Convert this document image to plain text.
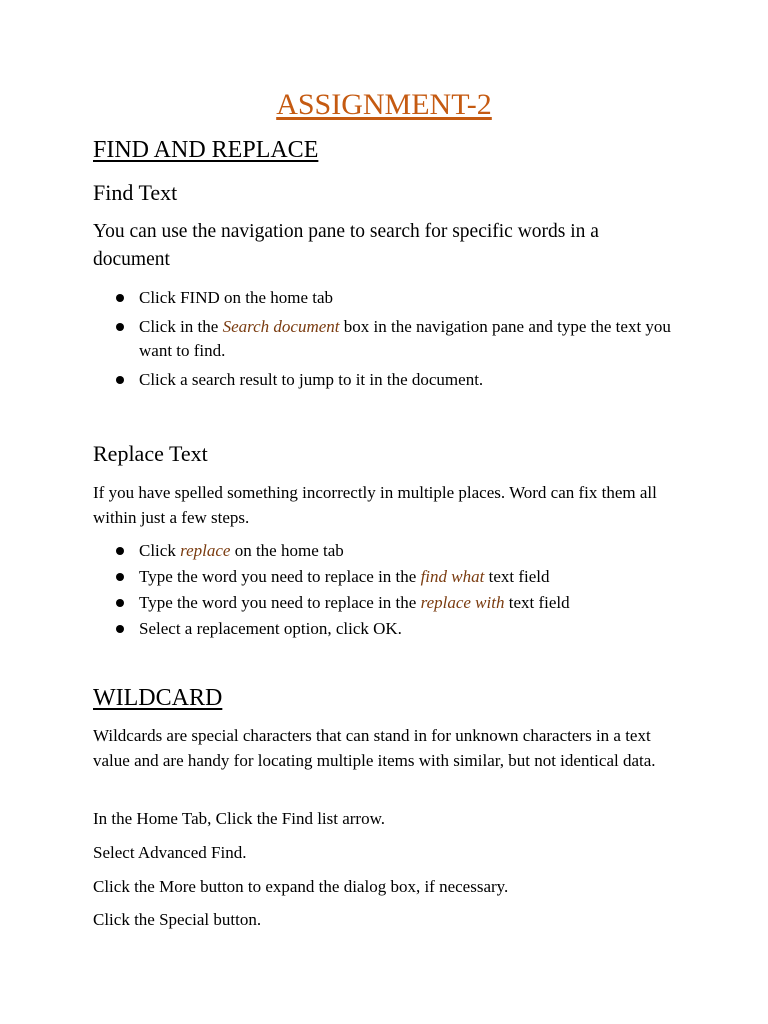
ASSIGNMENT-2
FIND AND REPLACE
Find Text

You can use the navigation pane to search for specific words in a document

Click FIND on the home tab
Click in the Search document box in the navigation pane and type the text you want to find.
Click a search result to jump to it in the document.
Replace Text

If you have spelled something incorrectly in multiple places. Word can fix them all within just a few steps.

Click replace on the home tab
Type the word you need to replace in the find what text field
Type the word you need to replace in the replace with text field
Select a replacement option, click OK.
WILDCARD

Wildcards are special characters that can stand in for unknown characters in a text value and are handy for locating multiple items with similar, but not identical data.

In the Home Tab, Click the Find list arrow.

Select Advanced Find.

Click the More button to expand the dialog box, if necessary.

Click the Special button.
